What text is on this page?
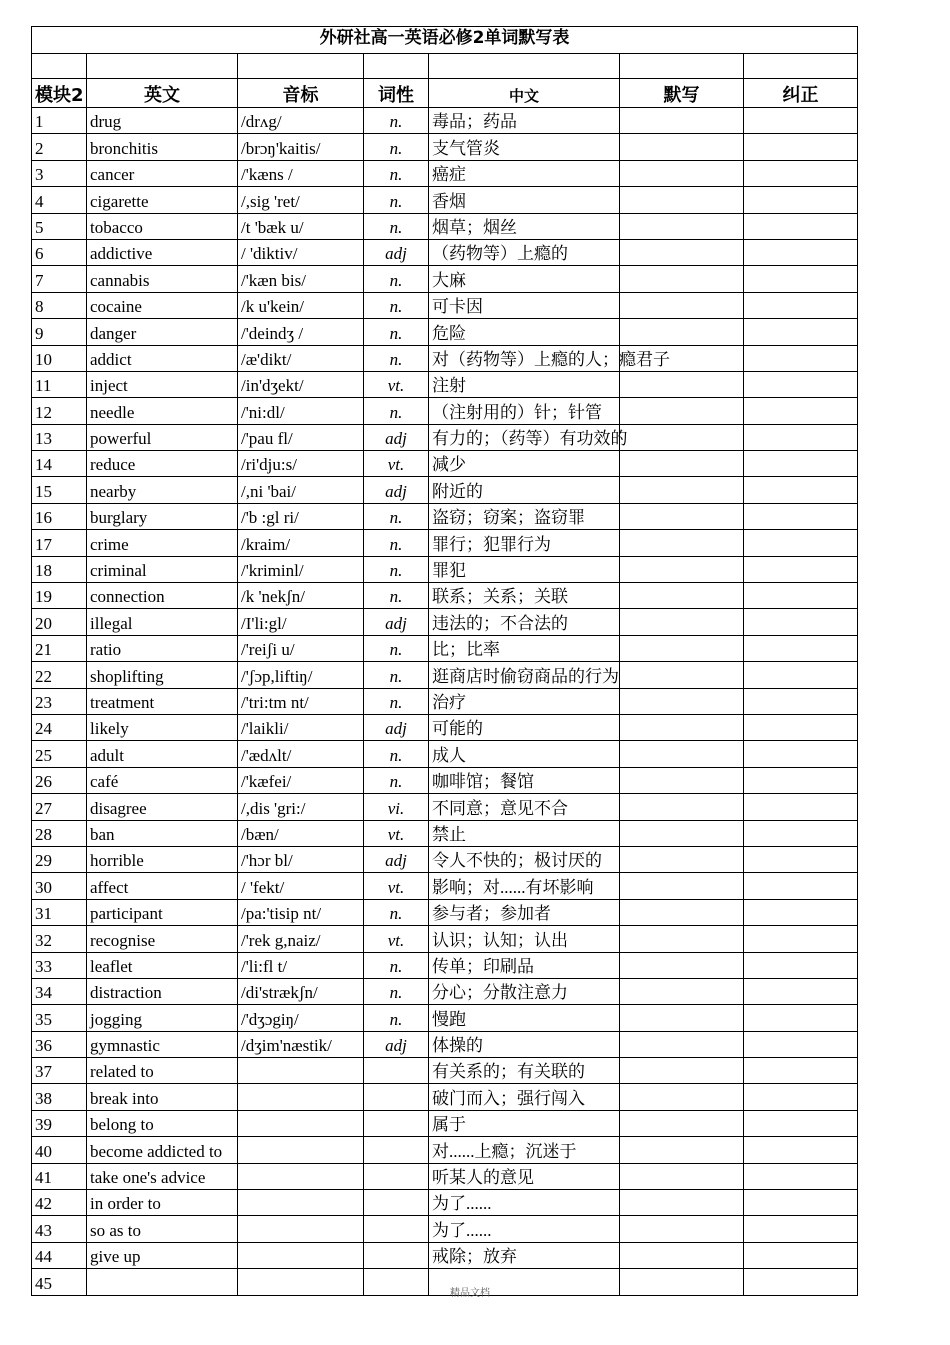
外研社高一英语必修2单词默写表						

模块2	英文	音标	词性	中文	默写	纠正
1	drug	/drʌg/	n.	毒品；药品		
2	bronchitis	/brɔŋ'kaitis/	n.	支气管炎		
3	cancer	/'kæns /	n.	癌症		
4	cigarette	/,sig 'ret/	n.	香烟		
5	tobacco	/t 'bæk u/	n.	烟草；烟丝		
6	addictive	/ 'diktiv/	adj	（药物等）上瘾的		
7	cannabis	/'kæn bis/	n.	大麻		
8	cocaine	/k u'kein/	n.	可卡因		
9	danger	/'deindʒ /	n.	危险		
10	addict	/æ'dikt/	n.	对（药物等）上瘾的人；瘾君子		
11	inject	/in'dʒekt/	vt.	注射		
12	needle	/'ni:dl/	n.	（注射用的）针；针管		
13	powerful	/'pau fl/	adj	有力的；（药等）有功效的		
14	reduce	/ri'dju:s/	vt.	减少		
15	nearby	/,ni 'bai/	adj	附近的		
16	burglary	/'b :gl ri/	n.	盗窃；窃案；盗窃罪		
17	crime	/kraim/	n.	罪行；犯罪行为		
18	criminal	/'kriminl/	n.	罪犯		
19	connection	/k 'nekʃn/	n.	联系；关系；关联		
20	illegal	/I'li:gl/	adj	违法的；不合法的		
21	ratio	/'reiʃi u/	n.	比；比率		
22	shoplifting	/'ʃɔp,liftiŋ/	n.	逛商店时偷窃商品的行为		
23	treatment	/'tri:tm nt/	n.	治疗		
24	likely	/'laikli/	adj	可能的		
25	adult	/'ædʌlt/	n.	成人		
26	café	/'kæfei/	n.	咖啡馆；餐馆		
27	disagree	/,dis 'gri:/	vi.	不同意；意见不合		
28	ban	/bæn/	vt.	禁止		
29	horrible	/'hɔr bl/	adj	令人不快的；极讨厌的		
30	affect	/ 'fekt/	vt.	影响；对......有坏影响		
31	participant	/pa:'tisip nt/	n.	参与者；参加者		
32	recognise	/'rek g,naiz/	vt.	认识；认知；认出		
33	leaflet	/'li:fl t/	n.	传单；印刷品		
34	distraction	/di'strækʃn/	n.	分心；分散注意力		
35	jogging	/'dʒɔgiŋ/	n.	慢跑		
36	gymnastic	/dʒim'næstik/	adj	体操的		
37	related to			有关系的；有关联的		
38	break into			破门而入；强行闯入		
39	belong to			属于		
40	become addicted to			对......上瘾；沉迷于		
41	take one's advice			听某人的意见		
42	in order to			为了......		
43	so as to			为了......		
44	give up			戒除；放弃		
45						
精品文档
